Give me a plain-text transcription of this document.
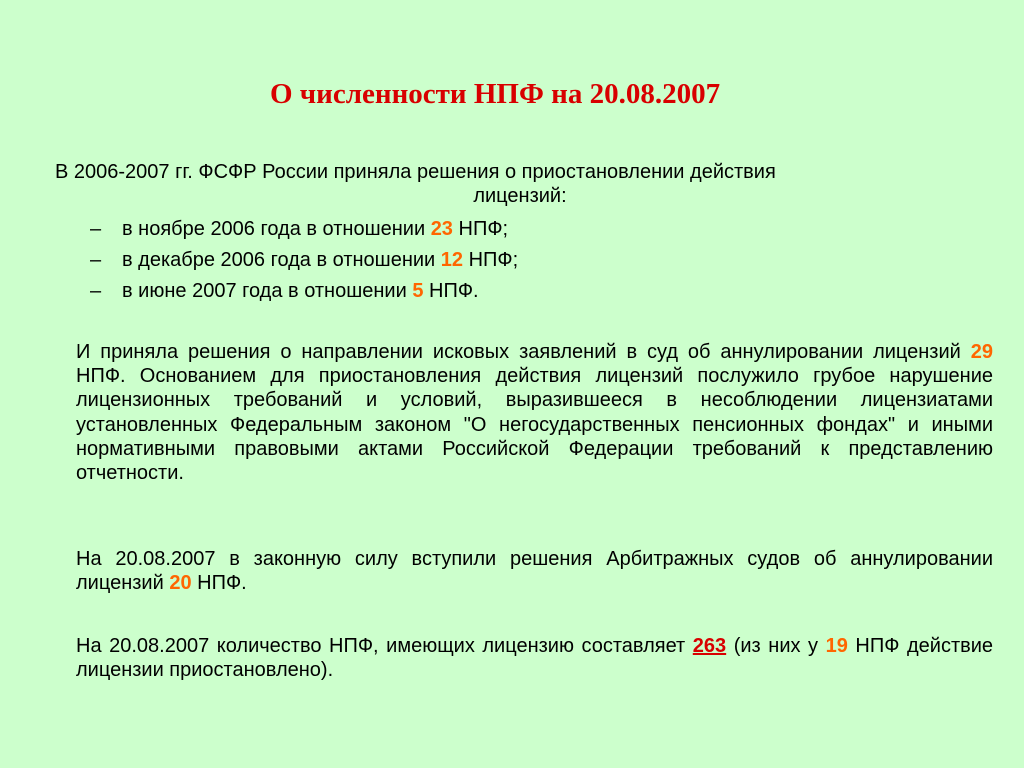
О численности НПФ на 20.08.2007
В 2006-2007 гг. ФСФР России приняла решения о приостановлении действия
лицензий:
– в ноябре 2006 года в отношении 23 НПФ;
– в декабре 2006 года в отношении 12 НПФ;
– в июне 2007 года в отношении 5 НПФ.
И приняла решения о направлении исковых заявлений в суд об аннулировании лицензий 29 НПФ. Основанием для приостановления действия лицензий послужило грубое нарушение лицензионных требований и условий, выразившееся в несоблюдении лицензиатами установленных Федеральным законом "О негосударственных пенсионных фондах" и иными нормативными правовыми актами Российской Федерации требований к представлению отчетности.
На 20.08.2007 в законную силу вступили решения Арбитражных судов об аннулировании лицензий 20 НПФ.
На 20.08.2007 количество НПФ, имеющих лицензию составляет 263 (из них у 19 НПФ действие лицензии приостановлено).
